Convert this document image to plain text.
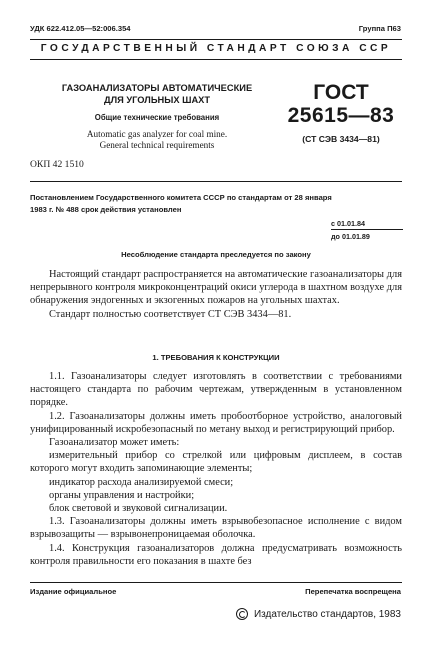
УДК 622.412.05—52:006.354	Группа П63
ГОСУДАРСТВЕННЫЙ СТАНДАРТ СОЮЗА ССР
ГАЗОАНАЛИЗАТОРЫ АВТОМАТИЧЕСКИЕ
ДЛЯ УГОЛЬНЫХ ШАХТ
Общие технические требования
Automatic gas analyzer for coal mine.
General technical requirements
ГОСТ
25615—83
(СТ СЭВ 3434—81)
ОКП 42 1510
Постановлением Государственного комитета СССР по стандартам от 28 января
1983 г. № 488 срок действия установлен
с 01.01.84
до 01.01.89
Несоблюдение стандарта преследуется по закону

Настоящий стандарт распространяется на автоматические газоанализаторы для непрерывного контроля микроконцентраций окиси углерода в шахтном воздухе для обнаружения эндогенных и экзогенных пожаров на угольных шахтах.

Стандарт полностью соответствует СТ СЭВ 3434—81.

1. ТРЕБОВАНИЯ К КОНСТРУКЦИИ

1.1. Газоанализаторы следует изготовлять в соответствии с требованиями настоящего стандарта по рабочим чертежам, утвержденным в установленном порядке.

1.2. Газоанализаторы должны иметь пробоотборное устройство, аналоговый унифицированный искробезопасный по метану выход и регистрирующий прибор.

Газоанализатор может иметь:

измерительный прибор со стрелкой или цифровым дисплеем, в состав которого могут входить запоминающие элементы;

индикатор расхода анализируемой смеси;

органы управления и настройки;

блок световой и звуковой сигнализации.

1.3. Газоанализаторы должны иметь взрывобезопасное исполнение с видом взрывозащиты — взрывонепроницаемая оболочка.

1.4. Конструкция газоанализаторов должна предусматривать возможность контроля правильности его показания в шахте без

Издание официальное	Перепечатка воспрещена
Издательство стандартов, 1983
